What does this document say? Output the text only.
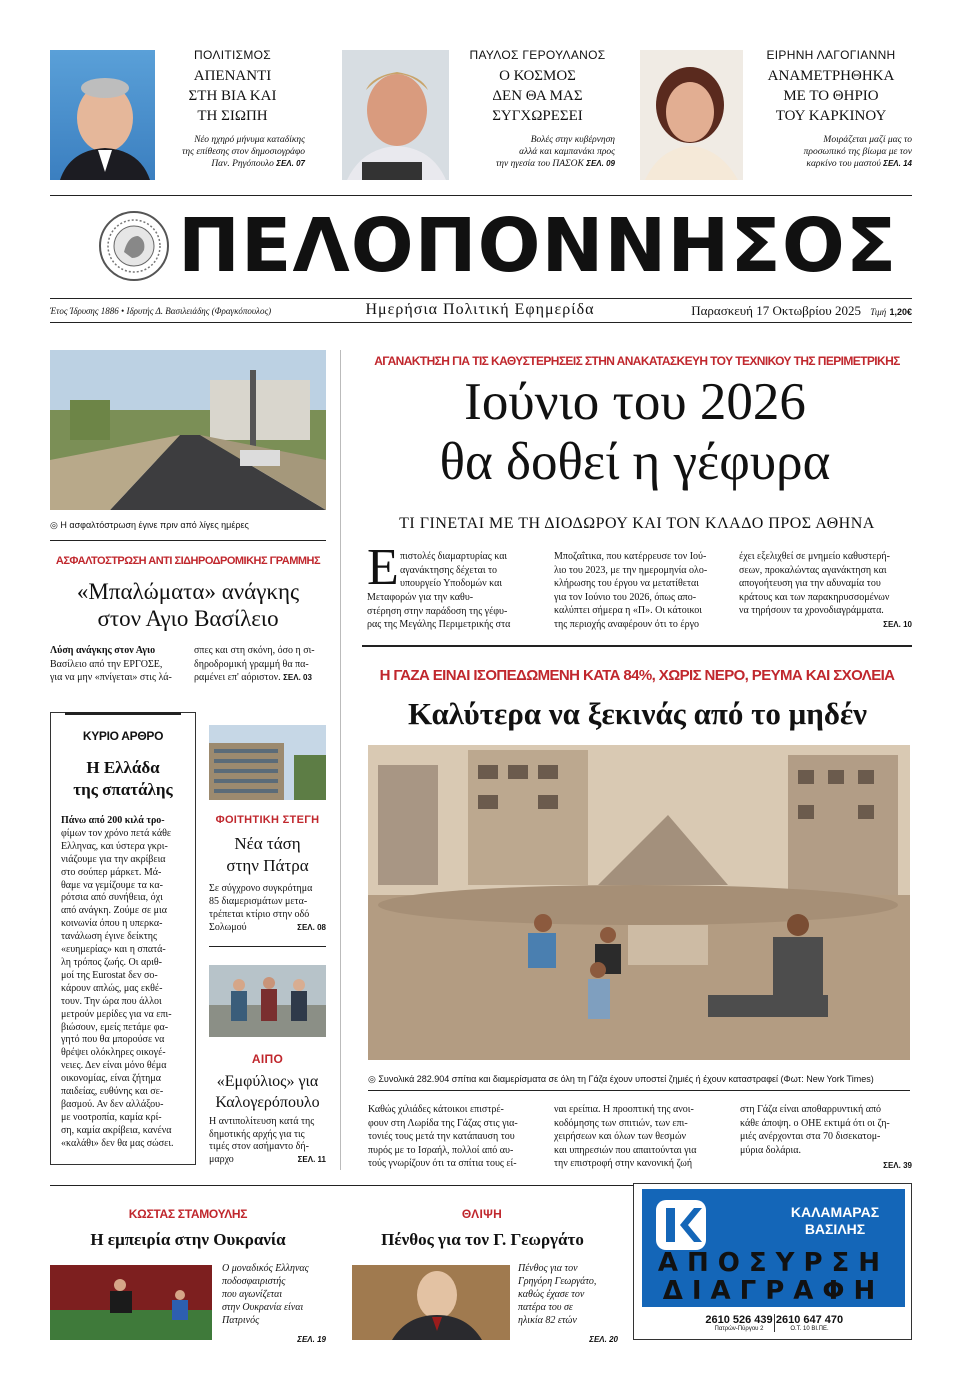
ΠΟΛΙΤΙΣΜΟΣ
ΑΠΕΝΑΝΤΙ
ΣΤΗ ΒΙΑ ΚΑΙ
ΤΗ ΣΙΩΠΗ
Νέο ηχηρό μήνυμα καταδίκης
της επίθεσης στον δημοσιογράφο
Παν. Ρηγόπουλο ΣΕΛ. 07
ΠΑΥΛΟΣ ΓΕΡΟΥΛΑΝΟΣ
Ο ΚΟΣΜΟΣ
ΔΕΝ ΘΑ ΜΑΣ
ΣΥΓΧΩΡΕΣΕΙ
Βολές στην κυβέρνηση
αλλά και καμπανάκι προς
την ηγεσία του ΠΑΣΟΚ ΣΕΛ. 09
ΕΙΡΗΝΗ ΛΑΓΟΓΙΑΝΝΗ
ΑΝΑΜΕΤΡΗΘΗΚΑ
ΜΕ ΤΟ ΘΗΡΙΟ
ΤΟΥ ΚΑΡΚΙΝΟΥ
Μοιράζεται μαζί μας το
προσωπικό της βίωμα με τον
καρκίνο του μαστού ΣΕΛ. 14
ΠΕΛΟΠΟΝΝΗΣΟΣ
Έτος Ίδρυσης 1886 • Ιδρυτής Δ. Βασιλειάδης (Φραγκόπουλος)	Ημερήσια Πολιτική Εφημερίδα	Παρασκευή 17 Οκτωβρίου 2025 Τιμή 1,20€
◎ Η ασφαλτόστρωση έγινε πριν από λίγες ημέρες
ΑΣΦΑΛΤΟΣΤΡΩΣΗ ΑΝΤΙ ΣΙΔΗΡΟΔΡΟΜΙΚΗΣ ΓΡΑΜΜΗΣ
«Μπαλώματα» ανάγκης
στον Αγιο Βασίλειο
Λύση ανάγκης στον Αγιο
Βασίλειο από την ΕΡΓΟΣΕ,
για να μην «πνίγεται» στις λά-
σπες και στη σκόνη, όσο η σι-
δηροδρομική γραμμή θα πα-
ραμένει επ' αόριστον. ΣΕΛ. 03
ΚΥΡΙΟ ΑΡΘΡΟ
Η Ελλάδα
της σπατάλης
Πάνω από 200 κιλά τρο-
φίμων τον χρόνο πετά κάθε
Ελληνας, και ύστερα γκρι-
νιάζουμε για την ακρίβεια
στο σούπερ μάρκετ. Μά-
θαμε να γεμίζουμε τα κα-
ρότσια από συνήθεια, όχι
από ανάγκη. Ζούμε σε μια
κοινωνία όπου η υπερκα-
τανάλωση έγινε δείκτης
«ευημερίας» και η σπατά-
λη τρόπος ζωής. Οι αριθ-
μοί της Eurostat δεν σο-
κάρουν απλώς, μας εκθέ-
τουν. Την ώρα που άλλοι
μετρούν μερίδες για να επι-
βιώσουν, εμείς πετάμε φα-
γητό που θα μπορούσε να
θρέψει ολόκληρες οικογέ-
νειες. Δεν είναι μόνο θέμα
οικονομίας, είναι ζήτημα
παιδείας, ευθύνης και σε-
βασμού. Αν δεν αλλάξου-
με νοοτροπία, καμία κρί-
ση, καμία ακρίβεια, κανένα
«καλάθι» δεν θα μας σώσει.
ΦΟΙΤΗΤΙΚΗ ΣΤΕΓΗ
Νέα τάση
στην Πάτρα
Σε σύγχρονο συγκρότημα
85 διαμερισμάτων μετα-
τρέπεται κτίριο στην οδό
Σολωμού	ΣΕΛ. 08
ΑΙΠΟ
«Εμφύλιος» για
Καλογερόπουλο
Η αντιπολίτευση κατά της
δημοτικής αρχής για τις
τιμές στον ασήμαντο δή-
μαρχο	ΣΕΛ. 11
ΑΓΑΝΑΚΤΗΣΗ ΓΙΑ ΤΙΣ ΚΑΘΥΣΤΕΡΗΣΕΙΣ ΣΤΗΝ ΑΝΑΚΑΤΑΣΚΕΥΗ ΤΟΥ ΤΕΧΝΙΚΟΥ ΤΗΣ ΠΕΡΙΜΕΤΡΙΚΗΣ
Ιούνιο του 2026
θα δοθεί η γέφυρα
ΤΙ ΓΙΝΕΤΑΙ ΜΕ ΤΗ ΔΙΟΔΩΡΟΥ ΚΑΙ ΤΟΝ ΚΛΑΔΟ ΠΡΟΣ ΑΘΗΝΑ
Ε πιστολές διαμαρτυρίας και
αγανάκτησης δέχεται το
υπουργείο Υποδομών και
Μεταφορών για την καθυ-
στέρηση στην παράδοση της γέφυ-
ρας της Μεγάλης Περιμετρικής στα
Μποζαΐτικα, που κατέρρευσε τον Ιού-
λιο του 2023, με την ημερομηνία ολο-
κλήρωσης του έργου να μετατίθεται
για τον Ιούνιο του 2026, όπως απο-
καλύπτει σήμερα η «Π». Οι κάτοικοι
της περιοχής αναφέρουν ότι το έργο
έχει εξελιχθεί σε μνημείο καθυστερή-
σεων, προκαλώντας αγανάκτηση και
απογοήτευση για την αδυναμία του
κράτους και των παρακηρυσσομένων
να τηρήσουν τα χρονοδιαγράμματα.
ΣΕΛ. 10
Η ΓΑΖΑ ΕΙΝΑΙ ΙΣΟΠΕΔΩΜΕΝΗ ΚΑΤΑ 84%, ΧΩΡΙΣ ΝΕΡΟ, ΡΕΥΜΑ ΚΑΙ ΣΧΟΛΕΙΑ
Καλύτερα να ξεκινάς από το μηδέν
◎ Συνολικά 282.904 σπίτια και διαμερίσματα σε όλη τη Γάζα έχουν υποστεί ζημιές ή έχουν καταστραφεί (Φωτ: New York Times)
Καθώς χιλιάδες κάτοικοι επιστρέ-
φουν στη Λωρίδα της Γάζας στις για-
τονιές τους μετά την κατάπαυση του
πυρός με το Ισραήλ, πολλοί από αυ-
τούς γνωρίζουν ότι τα σπίτια τους εί-
ναι ερείπια. Η προοπτική της ανοι-
κοδόμησης των σπιτιών, των επι-
χειρήσεων και όλων των θεσμών
και υπηρεσιών που απαιτούνται για
την επιστροφή στην κανονική ζωή
στη Γάζα είναι αποθαρρυντική από
κάθε άποψη. ο ΟΗΕ εκτιμά ότι οι ζη-
μιές ανέρχονται στα 70 δισεκατομ-
μύρια δολάρια.
ΣΕΛ. 39
ΚΩΣΤΑΣ ΣΤΑΜΟΥΛΗΣ
Η εμπειρία στην Ουκρανία
Ο μοναδικός Ελληνας
ποδοσφαιριστής
που αγωνίζεται
στην Ουκρανία είναι
Πατρινός
ΣΕΛ. 19
ΘΛΙΨΗ
Πένθος για τον Γ. Γεωργάτο
Πένθος για τον
Γρηγόρη Γεωργάτο,
καθώς έχασε τον
πατέρα του σε
ηλικία 82 ετών
ΣΕΛ. 20
ΚΑΛΑΜΑΡΑΣ
ΒΑΣΙΛΗΣ
ΑΠΟΣΥΡΣΗ
ΔΙΑΓΡΑΦΗ
2610 526 439
Πατρών-Πύργου 2
2610 647 470
Ο.Τ. 10 ΒΙ.ΠΕ.
